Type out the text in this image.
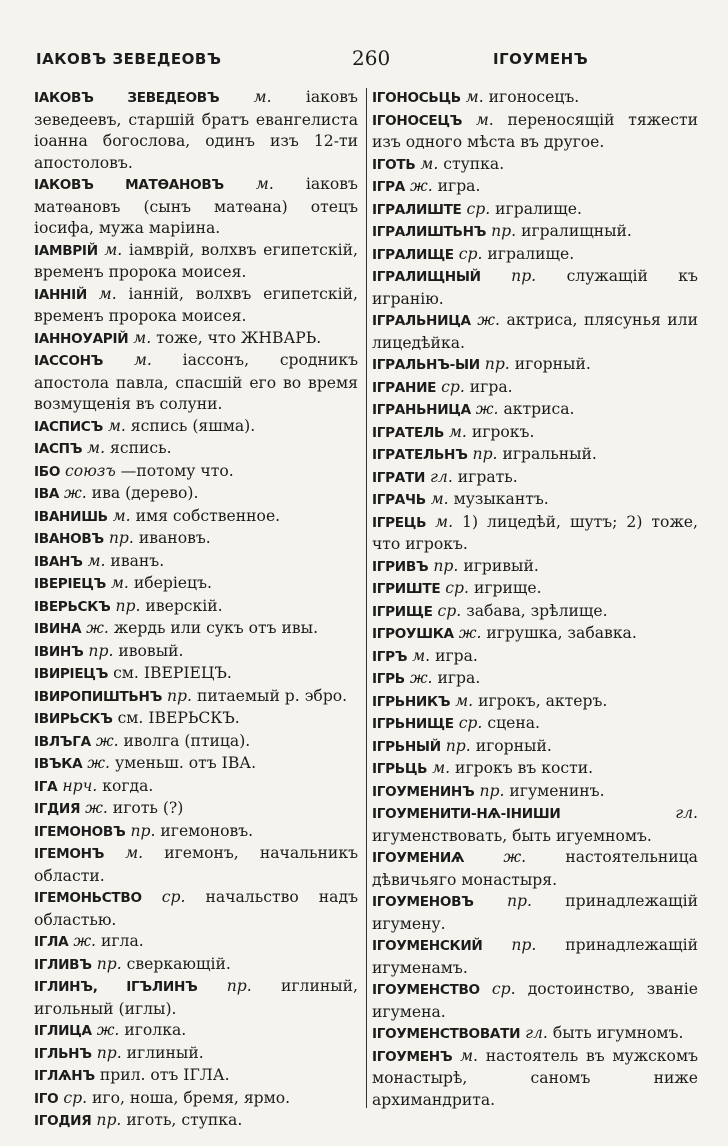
ІАКОВЪ ЗЕВЕДЕОВЪ	260	ІГОУМЕНЪ

ІАКОВЪ ЗЕВЕДЕОВЪ м. іаковъ зеведеевъ, старшій братъ евангелиста іоанна богослова, одинъ изъ 12-ти апостоловъ.

ІАКОВЪ МАТѲАНОВЪ м. іаковъ матѳановъ (сынъ матѳана) отецъ іосифа, мужа маріина.

ІАМВРІЙ м. іамврій, волхвъ египетскій, временъ пророка моисея.

ІАННІЙ м. іанній, волхвъ египетскій, временъ пророка моисея.

ІАННОУАРІЙ м. тоже, что ЖНВАРЬ.

ІАССОНЪ м. іассонъ, сродникъ апостола павла, спасшій его во время возмущенія въ солуни.

ІАСПИСЪ м. яспись (яшма).

ІАСПЪ м. яспись.

ІБО союзъ —потому что.

ІВА ж. ива (дерево).

ІВАНИШЬ м. имя собственное.

ІВАНОВЪ пр. ивановъ.

ІВАНЪ м. иванъ.

ІВЕРІЕЦЪ м. иберіецъ.

ІВЕРЬСКЪ пр. иверскій.

ІВИНА ж. жердь или сукъ отъ ивы.

ІВИНЪ пр. ивовый.

ІВИРІЕЦЪ см. ІВЕРІЕЦЪ.

ІВИРОПИШТЬНЪ пр. питаемый р. эбро.

ІВИРЬСКЪ см. ІВЕРЬСКЪ.

ІВЛЪГА ж. иволга (птица).

ІВЪКА ж. уменьш. отъ ІВА.

ІГА нрч. когда.

ІГДИЯ ж. иготь (?)

ІГЕМОНОВЪ пр. игемоновъ.

ІГЕМОНЪ м. игемонъ, начальникъ области.

ІГЕМОНЬСТВО ср. начальство надъ областью.

ІГЛА ж. игла.

ІГЛИВЪ пр. сверкающій.

ІГЛИНЪ, ІГЪЛИНЪ пр. иглиный, игольный (иглы).

ІГЛИЦА ж. иголка.

ІГЛЬНЪ пр. иглиный.

ІГЛѦНЪ прил. отъ ІГЛА.

ІГО ср. иго, ноша, бремя, ярмо.

ІГОДИЯ пр. иготь, ступка.

ІГОНОСЬЦЬ м. игоносецъ.

ІГОНОСЕЦЪ м. переносящій тяжести изъ одного мѣста въ другое.

ІГОТЬ м. ступка.

ІГРА ж. игра.

ІГРАЛИШТЕ ср. игралище.

ІГРАЛИШТЬНЪ пр. игралищный.

ІГРАЛИЩЕ ср. игралище.

ІГРАЛИЩНЫЙ пр. служащій къ игранію.

ІГРАЛЬНИЦА ж. актриса, плясунья или лицедѣйка.

ІГРАЛЬНЪ-ЫИ пр. игорный.

ІГРАНИЕ ср. игра.

ІГРАНЬНИЦА ж. актриса.

ІГРАТЕЛЬ м. игрокъ.

ІГРАТЕЛЬНЪ пр. игральный.

ІГРАТИ гл. играть.

ІГРАЧЬ м. музыкантъ.

ІГРЕЦЬ м. 1) лицедѣй, шутъ; 2) тоже, что игрокъ.

ІГРИВЪ пр. игривый.

ІГРИШТЕ ср. игрище.

ІГРИЩЕ ср. забава, зрѣлище.

ІГРОУШКА ж. игрушка, забавка.

ІГРЪ м. игра.

ІГРЬ ж. игра.

ІГРЬНИКЪ м. игрокъ, актеръ.

ІГРЬНИЩЕ ср. сцена.

ІГРЬНЫЙ пр. игорный.

ІГРЬЦЬ м. игрокъ въ кости.

ІГОУМЕНИНЪ пр. игуменинъ.

ІГОУМЕНИТИ-НѦ-ІНИШИ	гл. игуменствовать, быть игуемномъ.

ІГОУМЕНИѦ	ж.	настоятельница дѣвичьяго монастыря.

ІГОУМЕНОВЪ пр. принадлежащій игумену.

ІГОУМЕНСКИЙ пр. принадлежащій игуменамъ.

ІГОУМЕНСТВО ср. достоинство, званіе игумена.

ІГОУМЕНСТВОВАТИ гл. быть игумномъ.

ІГОУМЕНЪ м. настоятель въ мужскомъ монастырѣ, саномъ ниже архимандрита.
